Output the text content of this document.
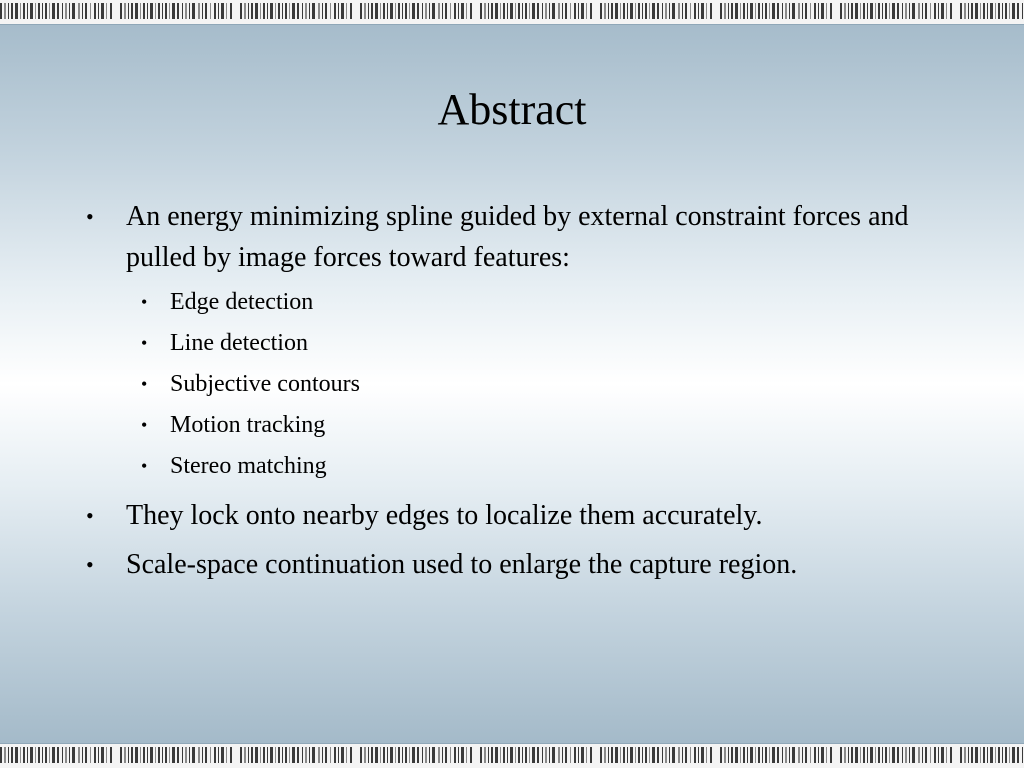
Abstract
• An energy minimizing spline guided by external constraint forces and pulled by image forces toward features:
• Edge detection
• Line detection
• Subjective contours
• Motion tracking
• Stereo matching
• They lock onto nearby edges to localize them accurately.
• Scale-space continuation used to enlarge the capture region.
